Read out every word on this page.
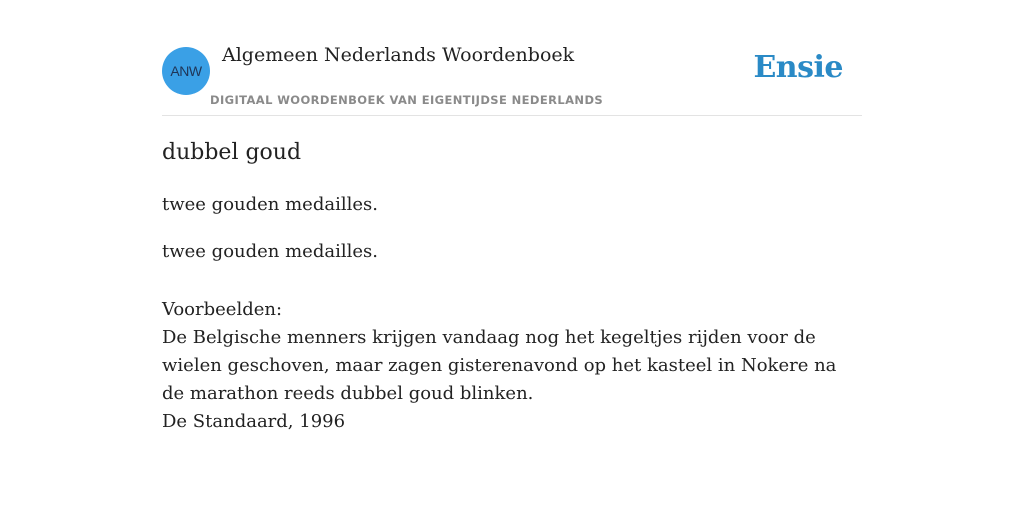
ANW
Algemeen Nederlands Woordenboek
DIGITAAL WOORDENBOEK VAN EIGENTIJDSE NEDERLANDS
Ensie
dubbel goud
twee gouden medailles.
twee gouden medailles.
Voorbeelden:
De Belgische menners krijgen vandaag nog het kegeltjes rijden voor de wielen geschoven, maar zagen gisterenavond op het kasteel in Nokere na de marathon reeds dubbel goud blinken.
De Standaard, 1996
